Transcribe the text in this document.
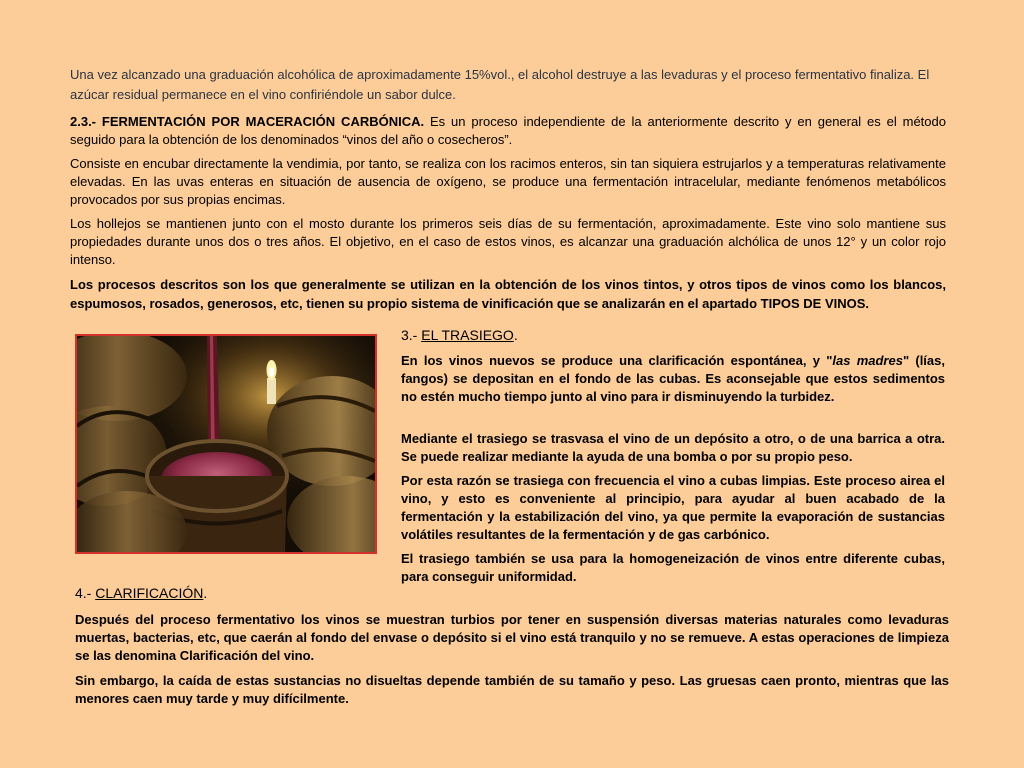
Una vez alcanzado una graduación alcohólica de aproximadamente 15%vol., el alcohol destruye a las levaduras y el proceso fermentativo finaliza. El azúcar residual permanece en el vino confiriéndole un sabor dulce.

2.3.- FERMENTACIÓN POR MACERACIÓN CARBÓNICA. Es un proceso independiente de la anteriormente descrito y en general es el método seguido para la obtención de los denominados “vinos del año o cosecheros”.

Consiste en encubar directamente la vendimia, por tanto, se realiza con los racimos enteros, sin tan siquiera estrujarlos y a temperaturas relativamente elevadas. En las uvas enteras en situación de ausencia de oxígeno, se produce una fermentación intracelular, mediante fenómenos metabólicos provocados por sus propias encimas.

Los hollejos se mantienen junto con el mosto durante los primeros seis días de su fermentación, aproximadamente. Este vino solo mantiene sus propiedades durante unos dos o tres años. El objetivo, en el caso de estos vinos, es alcanzar una graduación alchólica de unos 12° y un color rojo intenso.

Los procesos descritos son los que generalmente se utilizan en la obtención de los vinos tintos, y otros tipos de vinos como los blancos, espumosos, rosados, generosos, etc, tienen su propio sistema de vinificación que se analizarán en el apartado TIPOS DE VINOS.

3.- EL TRASIEGO.

En los vinos nuevos se produce una clarificación espontánea, y "las madres" (lías, fangos) se depositan en el fondo de las cubas. Es aconsejable que estos sedimentos no estén mucho tiempo junto al vino para ir disminuyendo la turbidez.

Mediante el trasiego se trasvasa el vino de un depósito a otro, o de una barrica a otra. Se puede realizar mediante la ayuda de una bomba o por su propio peso.

Por esta razón se trasiega con frecuencia el vino a cubas limpias. Este proceso airea el vino, y esto es conveniente al principio, para ayudar al buen acabado de la fermentación y la estabilización del vino, ya que permite la evaporación de sustancias volátiles resultantes de la fermentación y de gas carbónico.

El trasiego también se usa para la homogeneización de vinos entre diferente cubas, para conseguir uniformidad.

4.- CLARIFICACIÓN.

Después del proceso fermentativo los vinos se muestran turbios por tener en suspensión diversas materias naturales como levaduras muertas, bacterias, etc, que caerán al fondo del envase o depósito si el vino está tranquilo y no se remueve. A estas operaciones de limpieza se las denomina Clarificación del vino.

Sin embargo, la caída de estas sustancias no disueltas depende también de su tamaño y peso. Las gruesas caen pronto, mientras que las menores caen muy tarde y muy difícilmente.
